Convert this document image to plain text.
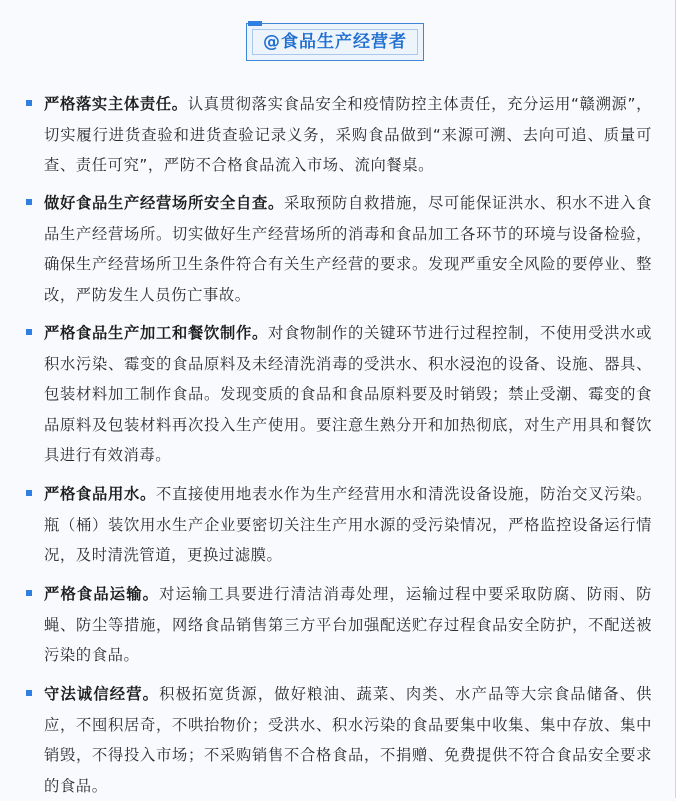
@食品生产经营者
严格落实主体责任。认真贯彻落实食品安全和疫情防控主体责任，充分运用“赣溯源”，切实履行进货查验和进货查验记录义务，采购食品做到“来源可溯、去向可追、质量可查、责任可究”，严防不合格食品流入市场、流向餐桌。
做好食品生产经营场所安全自查。采取预防自救措施，尽可能保证洪水、积水不进入食品生产经营场所。切实做好生产经营场所的消毒和食品加工各环节的环境与设备检验，确保生产经营场所卫生条件符合有关生产经营的要求。发现严重安全风险的要停业、整改，严防发生人员伤亡事故。
严格食品生产加工和餐饮制作。对食物制作的关键环节进行过程控制，不使用受洪水或积水污染、霉变的食品原料及未经清洗消毒的受洪水、积水浸泡的设备、设施、器具、包装材料加工制作食品。发现变质的食品和食品原料要及时销毁；禁止受潮、霉变的食品原料及包装材料再次投入生产使用。要注意生熟分开和加热彻底，对生产用具和餐饮具进行有效消毒。
严格食品用水。不直接使用地表水作为生产经营用水和清洗设备设施，防治交叉污染。瓶（桶）装饮用水生产企业要密切关注生产用水源的受污染情况，严格监控设备运行情况，及时清洗管道，更换过滤膜。
严格食品运输。对运输工具要进行清洁消毒处理，运输过程中要采取防腐、防雨、防蝇、防尘等措施，网络食品销售第三方平台加强配送贮存过程食品安全防护，不配送被污染的食品。
守法诚信经营。积极拓宽货源，做好粮油、蔬菜、肉类、水产品等大宗食品储备、供应，不囤积居奇，不哄抬物价；受洪水、积水污染的食品要集中收集、集中存放、集中销毁，不得投入市场；不采购销售不合格食品，不捐赠、免费提供不符合食品安全要求的食品。
